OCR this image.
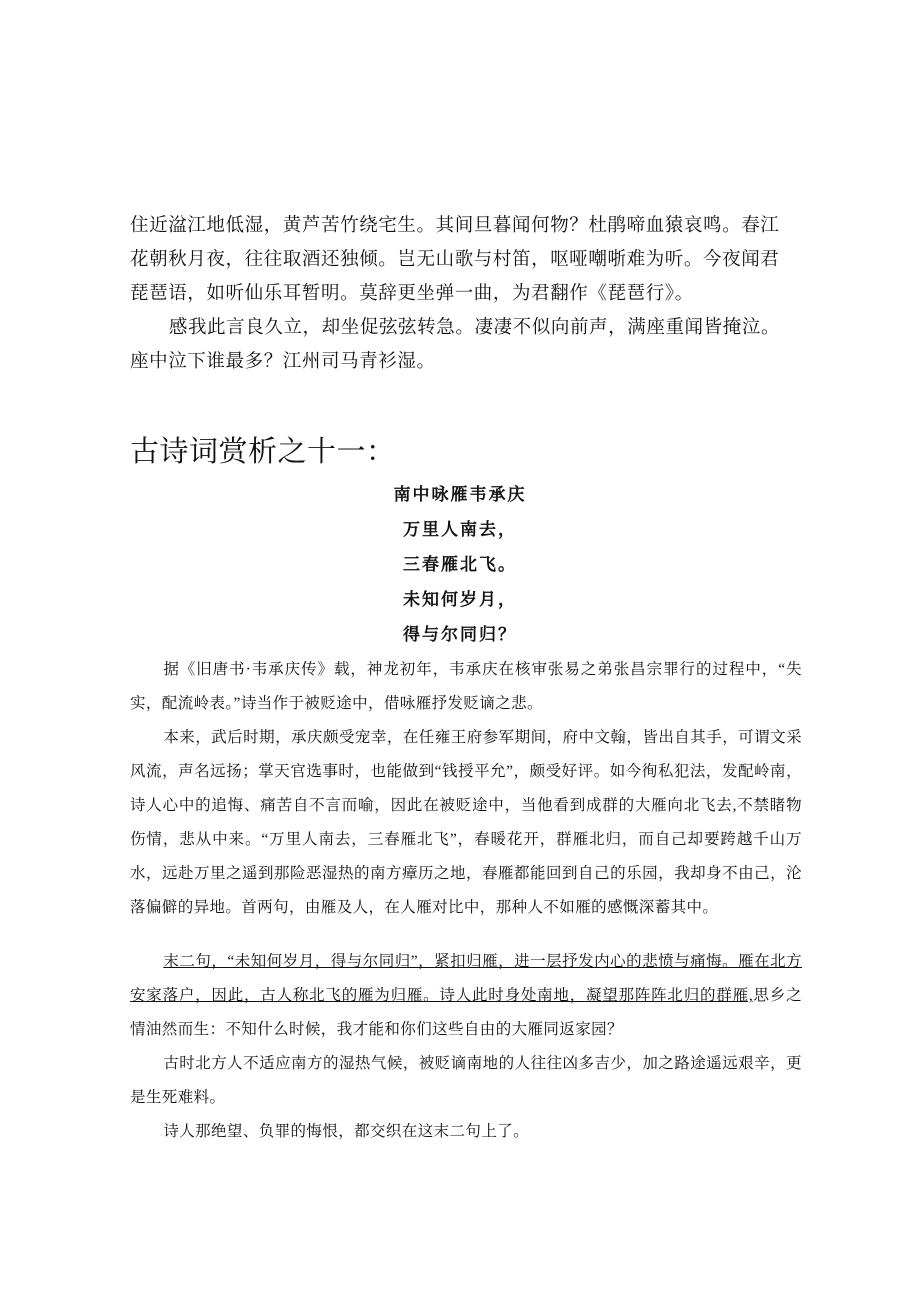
住近湓江地低湿，黄芦苦竹绕宅生。其间旦暮闻何物？杜鹃啼血猿哀鸣。春江花朝秋月夜，往往取酒还独倾。岂无山歌与村笛，呕哑嘲哳难为听。今夜闻君琵琶语，如听仙乐耳暂明。莫辞更坐弹一曲，为君翻作《琵琶行》。

感我此言良久立，却坐促弦弦转急。凄凄不似向前声，满座重闻皆掩泣。座中泣下谁最多？江州司马青衫湿。

古诗词赏析之十一：
南中咏雁韦承庆
万里人南去，
三春雁北飞。
未知何岁月，
得与尔同归？

据《旧唐书·韦承庆传》载，神龙初年，韦承庆在核审张易之弟张昌宗罪行的过程中，“失实，配流岭表。”诗当作于被贬途中，借咏雁抒发贬谪之悲。

本来，武后时期，承庆颇受宠幸，在任雍王府参军期间，府中文翰，皆出自其手，可谓文采风流，声名远扬；掌天官选事时，也能做到“钱授平允”，颇受好评。如今徇私犯法，发配岭南，诗人心中的追悔、痛苦自不言而喻，因此在被贬途中，当他看到成群的大雁向北飞去,不禁睹物伤情，悲从中来。“万里人南去，三春雁北飞”，春暖花开，群雁北归，而自己却要跨越千山万水，远赴万里之遥到那险恶湿热的南方瘴历之地，春雁都能回到自己的乐园，我却身不由己，沦落偏僻的异地。首两句，由雁及人，在人雁对比中，那种人不如雁的感慨深蓄其中。

末二句，“未知何岁月，得与尔同归”，紧扣归雁，进一层抒发内心的悲愤与痛悔。雁在北方安家落户，因此，古人称北飞的雁为归雁。诗人此时身处南地，凝望那阵阵北归的群雁,思乡之情油然而生：不知什么时候，我才能和你们这些自由的大雁同返家园？

古时北方人不适应南方的湿热气候，被贬谪南地的人往往凶多吉少，加之路途遥远艰辛，更是生死难料。

诗人那绝望、负罪的悔恨，都交织在这末二句上了。
